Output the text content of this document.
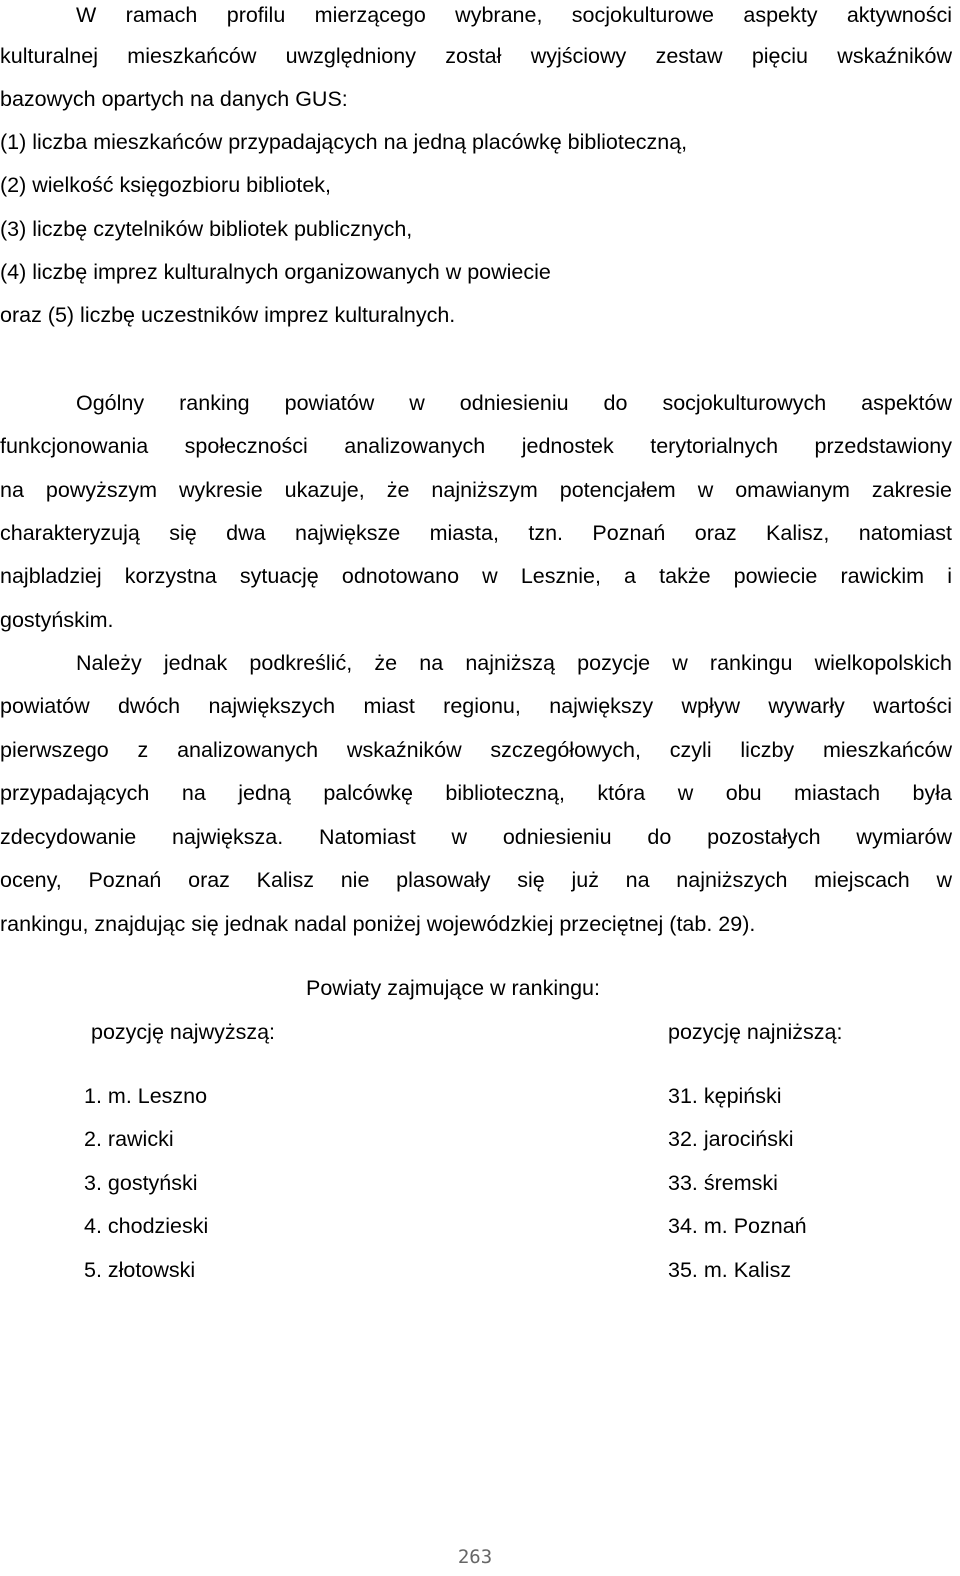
W ramach profilu mierzącego wybrane, socjokulturowe aspekty aktywności
kulturalnej mieszkańców uwzględniony został wyjściowy zestaw pięciu wskaźników
bazowych opartych na danych GUS:
(1) liczba mieszkańców przypadających na jedną placówkę biblioteczną,
(2) wielkość księgozbioru bibliotek,
(3) liczbę czytelników bibliotek publicznych,
(4) liczbę imprez kulturalnych organizowanych w powiecie
oraz (5) liczbę uczestników imprez kulturalnych.
Ogólny ranking powiatów w odniesieniu do socjokulturowych aspektów
funkcjonowania społeczności analizowanych jednostek terytorialnych przedstawiony
na powyższym wykresie ukazuje, że najniższym potencjałem w omawianym zakresie
charakteryzują się dwa największe miasta, tzn. Poznań oraz Kalisz, natomiast
najbladziej korzystna sytuację odnotowano w Lesznie, a także powiecie rawickim i
gostyńskim.
Należy jednak podkreślić, że na najniższą pozycje w rankingu wielkopolskich
powiatów dwóch największych miast regionu, największy wpływ wywarły wartości
pierwszego z analizowanych wskaźników szczegółowych, czyli liczby mieszkańców
przypadających na jedną palcówkę biblioteczną, która w obu miastach była
zdecydowanie największa. Natomiast w odniesieniu do pozostałych wymiarów
oceny, Poznań oraz Kalisz nie plasowały się już na najniższych miejscach w
rankingu, znajdując się jednak nadal poniżej wojewódzkiej przeciętnej (tab. 29).
Powiaty zajmujące w rankingu:
pozycję najwyższą:	pozycję najniższą:
1. m. Leszno
2. rawicki
3. gostyński
4. chodzieski
5. złotowski
31. kępiński
32. jarociński
33. śremski
34. m. Poznań
35. m. Kalisz
263
